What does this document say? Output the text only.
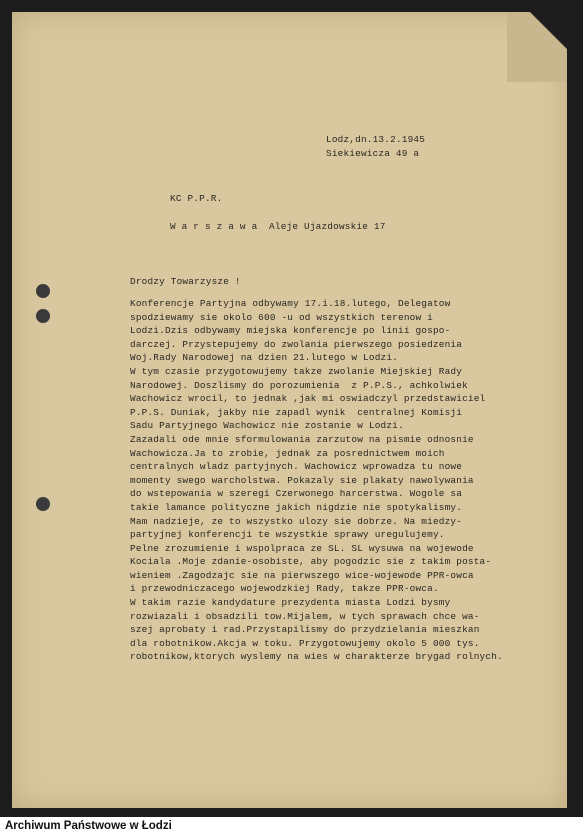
Lodz,dn.13.2.1945
Siekiewicza 49 a
KC P.P.R.
W a r s z a w a  Aleje Ujazdowskie 17
Drodzy Towarzysze !
Konferencje Partyjna odbywamy 17.i.18.lutego, Delegatow
spodziewamy sie okolo 600 -u od wszystkich terenow i
Lodzi.Dzis odbywamy miejska konferencje po linii gospo-
darczej. Przystepujemy do zwolania pierwszego posiedzenia
Woj.Rady Narodowej na dzien 21.lutego w Lodzi.
W tym czasie przygotowujemy takze zwolanie Miejskiej Rady
Narodowej. Doszlismy do porozumienia  z P.P.S., achkolwiek
Wachowicz wrocil, to jednak ,jak mi oswiadczyl przedstawiciel
P.P.S. Duniak, jakby nie zapadl wynik  centralnej Komisji
Sadu Partyjnego Wachowicz nie zostanie w Lodzi.
Zazadali ode mnie sformulowania zarzutow na pismie odnosnie
Wachowicza.Ja to zrobie, jednak za posrednictwem moich
centralnych wladz partyjnych. Wachowicz wprowadza tu nowe
momenty swego warcholstwa. Pokazaly sie plakaty nawolywania
do wstepowania w szeregi Czerwonego harcerstwa. Wogole sa
takie lamance polityczne jakich nigdzie nie spotykalismy.
Mam nadzieje, ze to wszystko ulozy sie dobrze. Na miedzy-
partyjnej konferencji te wszystkie sprawy uregulujemy.
Pelne zrozumienie i wspolpraca ze SL. SL wysuwa na wojewode
Kociala .Moje zdanie-osobiste, aby pogodzic sie z takim posta-
wieniem .Zagodzajc sie na pierwszego wice-wojewode PPR-owca
i przewodniczacego wojewodzkiej Rady, takze PPR-owca.
W takim razie kandydature prezydenta miasta Lodzi bysmy
rozwiazali i obsadzili tow.Mijalem, w tych sprawach chce wa-
szej aprobaty i rad.Przystapilismy do przydzielania mieszkan
dla robotnikow.Akcja w toku. Przygotowujemy okolo 5 000 tys.
robotnikow,ktorych wyslemy na wies w charakterze brygad rolnych.
Archiwum Państwowe w Łodzi
